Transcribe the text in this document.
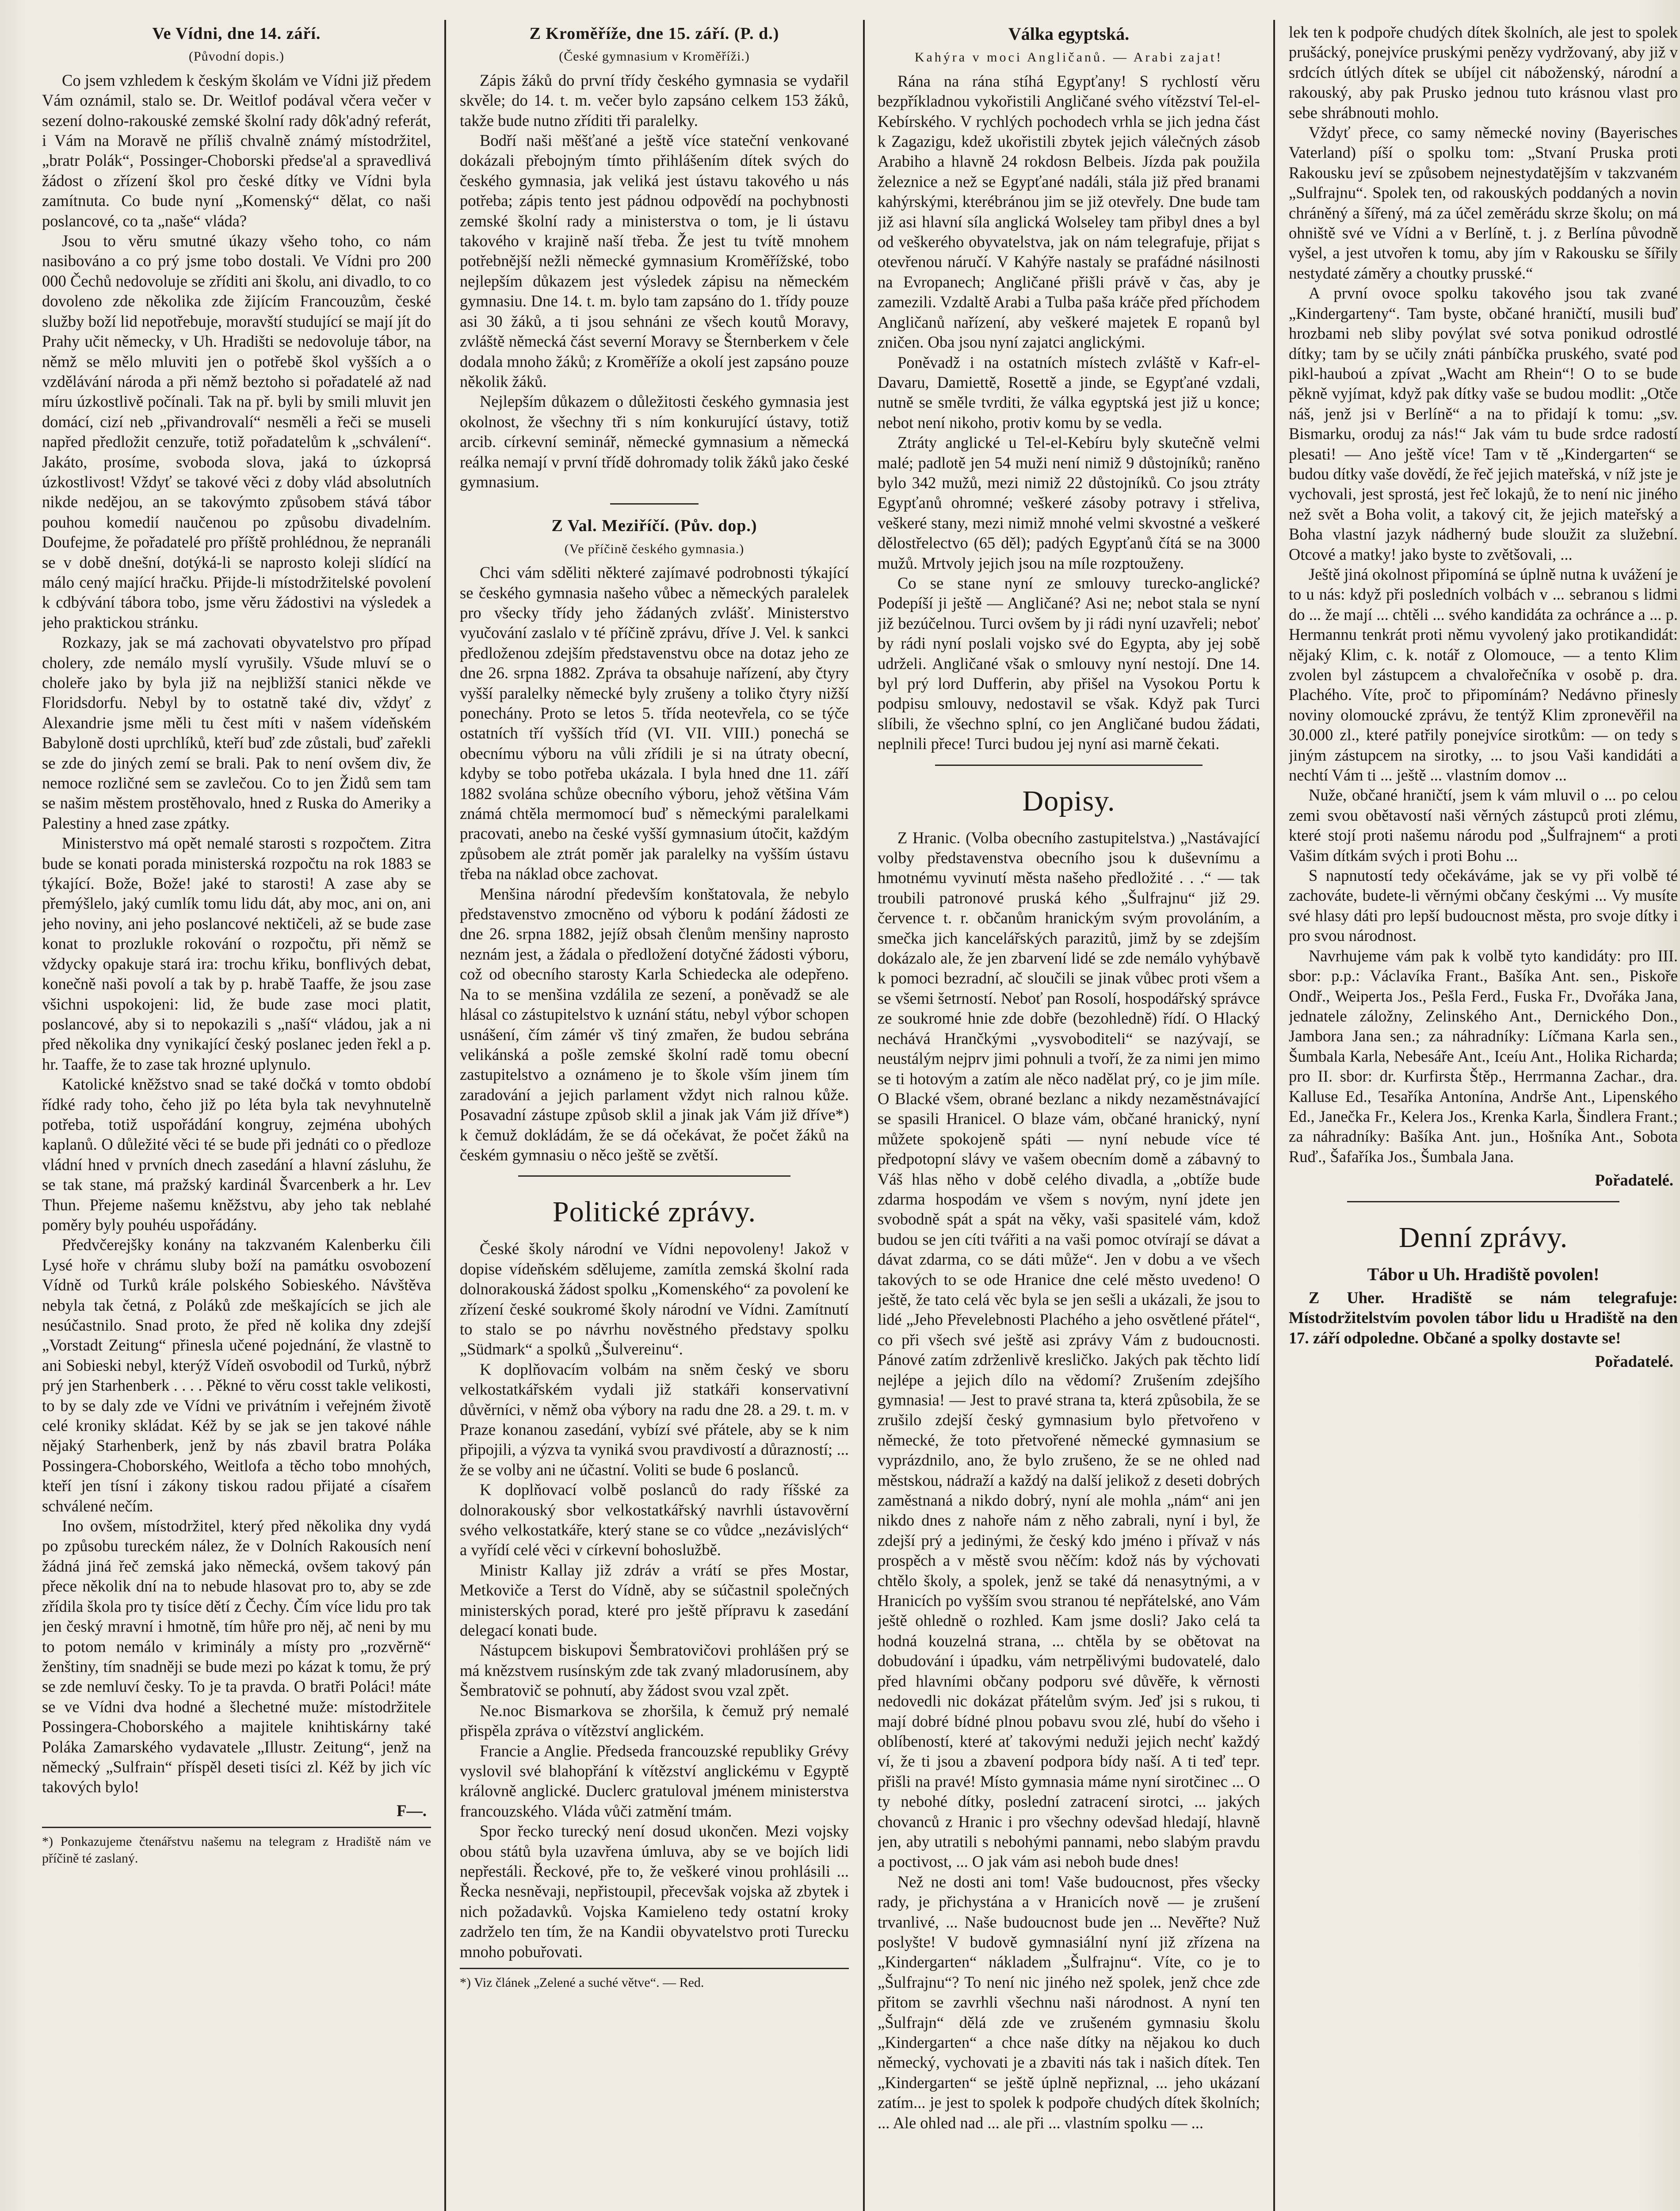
Ve Vídni, dne 14. září.
(Původní dopis.)

Co jsem vzhledem k českým školám ve Vídni již předem Vám oznámil, stalo se. Dr. Weitlof podával včera večer v sezení dolno-rakouské zemské školní rady dôk'adný referát, i Vám na Moravě ne příliš chvalně známý místodržitel, „bratr Polák“, Possinger-Choborski předse'al a spravedlivá žádost o zřízení škol pro české dítky ve Vídni byla zamítnuta. Co bude nyní „Komenský“ dělat, co naši poslancové, co ta „naše“ vláda?

Jsou to věru smutné úkazy všeho toho, co nám nasibováno a co prý jsme tobo dostali. Ve Vídni pro 200 000 Čechů nedovoluje se zříditi ani školu, ani divadlo, to co dovoleno zde několika zde žijícím Francouzům, české služby boží lid nepotřebuje, moravští studující se mají jít do Prahy učit německy, v Uh. Hradišti se nedovoluje tábor, na němž se mělo mluviti jen o potřebě škol vyšších a o vzdělávání národa a při němž beztoho si pořadatelé až nad míru úzkostlivě počínali. Tak na př. byli by smili mluvit jen domácí, cizí neb „přivandrovalí“ nesměli a řeči se museli napřed předložit cenzuře, totiž pořadatelům k „schválení“. Jakáto, prosíme, svoboda slova, jaká to úzkoprsá úzkostlivost! Vždyť se takové věci z doby vlád absolutních nikde nedějou, an se takovýmto způsobem stává tábor pouhou komedií naučenou po způsobu divadelním. Doufejme, že pořadatelé pro příště prohlédnou, že nepranáli se v době dnešní, dotýká-li se naprosto koleji slídící na málo cený mající hračku. Přijde-li místodržitelské povolení k cdbývání tábora tobo, jsme věru žádostivi na výsledek a jeho praktickou stránku.

Rozkazy, jak se má zachovati obyvatelstvo pro případ cholery, zde nemálo myslí vyrušily. Všude mluví se o choleře jako by byla již na nejbližší stanici někde ve Floridsdorfu. Nebyl by to ostatně také div, vždyť z Alexandrie jsme měli tu čest míti v našem vídeňském Babyloně dosti uprchlíků, kteří buď zde zůstali, buď zařekli se zde do jiných zemí se brali. Pak to není ovšem div, že nemoce rozličné sem se zavlečou. Co to jen Židů sem tam se našim městem prostěhovalo, hned z Ruska do Ameriky a Palestiny a hned zase zpátky.

Ministerstvo má opět nemalé starosti s rozpočtem. Zitra bude se konati porada ministerská rozpočtu na rok 1883 se týkající. Bože, Bože! jaké to starosti! A zase aby se přemýšlelo, jaký cumlík tomu lidu dát, aby moc, ani on, ani jeho noviny, ani jeho poslancové nektičeli, až se bude zase konat to prozlukle rokování o rozpočtu, při němž se vždycky opakuje stará ira: trochu křiku, bonflivých debat, konečně naši povolí a tak by p. hrabě Taaffe, že jsou zase všichni uspokojeni: lid, že bude zase moci platit, poslancové, aby si to nepokazili s „naší“ vládou, jak a ni před několika dny vynikající český poslanec jeden řekl a p. hr. Taaffe, že to zase tak hrozné uplynulo.

Katolické kněžstvo snad se také dočká v tomto období řídké rady toho, čeho již po léta byla tak nevyhnutelně potřeba, totiž uspořádání kongruy, zejména ubohých kaplanů. O důležité věci té se bude při jednáti co o předloze vládní hned v prvních dnech zasedání a hlavní zásluhu, že se tak stane, má pražský kardinál Švarcenberk a hr. Lev Thun. Přejeme našemu kněžstvu, aby jeho tak neblahé poměry byly pouhéu uspořádány.

Předvčerejšky konány na takzvaném Kalenberku čili Lysé hoře v chrámu sluby boží na památku osvobození Vídně od Turků krále polského Sobieského. Návštěva nebyla tak četná, z Poláků zde meškajících se jich ale nesúčastnilo. Snad proto, že před ně kolika dny zdejší „Vorstadt Zeitung“ přinesla učené pojednání, že vlastně to ani Sobieski nebyl, kterýž Vídeň osvobodil od Turků, nýbrž prý jen Starhenberk . . . . Pěkné to věru cosst takle velikosti, to by se daly zde ve Vídni ve privátním i veřejném životě celé kroniky skládat. Kéž by se jak se jen takové náhle nějaký Starhenberk, jenž by nás zbavil bratra Poláka Possingera-Choborského, Weitlofa a těcho tobo mnohých, kteří jen tísní i zákony tiskou radou přijaté a císařem schválené nečím.

Ino ovšem, místodržitel, který před několika dny vydá po způsobu tureckém nález, že v Dolních Rakousích není žádná jiná řeč zemská jako německá, ovšem takový pán přece několik dní na to nebude hlasovat pro to, aby se zde zřídila škola pro ty tisíce dětí z Čechy. Čím více lidu pro tak jen český mravní i hmotně, tím hůře pro něj, ač neni by mu to potom nemálo v kriminály a místy pro „rozvěrně“ ženštiny, tím snadněji se bude mezi po kázat k tomu, že prý se zde nemluví česky. To je ta pravda. O bratři Poláci! máte se ve Vídni dva hodné a šlechetné muže: místodržitele Possingera-Choborského a majitele knihtiskárny také Poláka Zamarského vydavatele „Illustr. Zeitung“, jenž na německý „Sulfrain“ příspěl deseti tisíci zl. Kéž by jich víc takových bylo!

F—.
*) Ponkazujeme čtenářstvu našemu na telegram z Hradiště nám ve příčině té zaslaný.
Z Kroměříže, dne 15. září. (P. d.)
(České gymnasium v Kroměříži.)

Zápis žáků do první třídy českého gymnasia se vydařil skvěle; do 14. t. m. večer bylo zapsáno celkem 153 žáků, takže bude nutno zříditi tři paralelky.

Bodří naši měšťané a ještě více stateční venkované dokázali přebojným tímto přihlášením dítek svých do českého gymnasia, jak veliká jest ústavu takového u nás potřeba; zápis tento jest pádnou odpovědí na pochybnosti zemské školní rady a ministerstva o tom, je li ústavu takového v krajině naší třeba. Že jest tu tvítě mnohem potřebnější nežli německé gymnasium Kroměřížské, tobo nejlepším důkazem jest výsledek zápisu na německém gymnasiu. Dne 14. t. m. bylo tam zapsáno do 1. třídy pouze asi 30 žáků, a ti jsou sehnáni ze všech koutů Moravy, zvláště německá část severní Moravy se Šternberkem v čele dodala mnoho žáků; z Kroměříže a okolí jest zapsáno pouze několik žáků.

Nejlepším důkazem o důležitosti českého gymnasia jest okolnost, že všechny tři s ním konkurující ústavy, totiž arcib. církevní seminář, německé gymnasium a německá reálka nemají v první třídě dohromady tolik žáků jako české gymnasium.

Z Val. Meziříčí. (Pův. dop.)
(Ve příčině českého gymnasia.)

Chci vám sděliti některé zajímavé podrobnosti týkající se českého gymnasia našeho vůbec a německých paralelek pro všecky třídy jeho žádaných zvlášť. Ministerstvo vyučování zaslalo v té příčině zprávu, dříve J. Vel. k sankci předloženou zdejším představenstvu obce na dotaz jeho ze dne 26. srpna 1882. Zpráva ta obsahuje nařízení, aby čtyry vyšší paralelky německé byly zrušeny a toliko čtyry nižší ponechány. Proto se letos 5. třída neotevřela, co se týče ostatních tří vyšších tříd (VI. VII. VIII.) ponechá se obecnímu výboru na vůli zřídili je si na útraty obecní, kdyby se tobo potřeba ukázala. I byla hned dne 11. září 1882 svolána schůze obecního výboru, jehož většina Vám známá chtěla mermomocí buď s německými paralelkami pracovati, anebo na české vyšší gymnasium útočit, každým způsobem ale ztrát poměr jak paralelky na vyšším ústavu třeba na náklad obce zachovat.

Menšina národní především konštatovala, že nebylo představenstvo zmocněno od výboru k podání žádosti ze dne 26. srpna 1882, jejíž obsah členům menšiny naprosto neznám jest, a žádala o předložení dotyčné žádosti výboru, což od obecního starosty Karla Schiedecka ale odepřeno. Na to se menšina vzdálila ze sezení, a poněvadž se ale hlásal co zástupitelstvo k uznání státu, nebyl výbor schopen usnášení, čím zámér vš tiný zmařen, že budou sebrána velikánská a pošle zemské školní radě tomu obecní zastupitelstvo a oznámeno je to škole vším jinem tím zaradování a jejich parlament vždyt nich ralnou kůže. Posavadní zástupe způsob sklil a jinak jak Vám již dříve*) k čemuž dokládám, že se dá očekávat, že počet žáků na českém gymnasiu o něco ještě se zvětší.

Politické zprávy.

České školy národní ve Vídni nepovoleny! Jakož v dopise vídeňském sdělujeme, zamítla zemská školní rada dolnorakouská žádost spolku „Komenského“ za povolení ke zřízení české soukromé školy národní ve Vídni. Zamítnutí to stalo se po návrhu nověstného představy spolku „Südmark“ a spolků „Šulvereinu“.

K doplňovacím volbám na sněm český ve sboru velkostatkářském vydali již statkáři konservativní důvěrníci, v němž oba výbory na radu dne 28. a 29. t. m. v Praze konanou zasedání, vybízí své přátele, aby se k nim připojili, a výzva ta vyniká svou pravdivostí a důrazností; ... že se volby ani ne účastní. Voliti se bude 6 poslanců.

K doplňovací volbě poslanců do rady říšské za dolnorakouský sbor velkostatkářský navrhli ústavověrní svého velkostatkáře, který stane se co vůdce „nezávislých“ a vyřídí celé věci v církevní bohoslužbě.

Ministr Kallay již zdráv a vrátí se přes Mostar, Metkoviče a Terst do Vídně, aby se súčastnil společných ministerských porad, které pro ještě přípravu k zasedání delegací konati bude.

Nástupcem biskupovi Šembratovičovi prohlášen prý se má knězstvem rusínským zde tak zvaný mladorusínem, aby Šembratovič se pohnutí, aby žádost svou vzal zpět.

Ne.noc Bismarkova se zhoršila, k čemuž prý nemalé přispěla zpráva o vítězství anglickém.

Francie a Anglie. Předseda francouzské republiky Grévy vyslovil své blahopřání k vítězství anglickému v Egyptě královně anglické. Duclerc gratuloval jménem ministerstva francouzského. Vláda vůči zatmění tmám.

Spor řecko turecký není dosud ukončen. Mezi vojsky obou států byla uzavřena úmluva, aby se ve bojích lidi nepřestáli. Řeckové, pře to, že veškeré vinou prohlásili ... Řecka nesněvaji, nepřistoupil, přecevšak vojska až zbytek i nich požadavků. Vojska Kamieleno tedy ostatní kroky zadrželo ten tím, že na Kandii obyvatelstvo proti Turecku mnoho pobuřovati.

*) Viz článek „Zelené a suché větve“. — Red.
Válka egyptská.
Kahýra v moci Angličanů. — Arabi zajat!

Rána na rána stíhá Egypťany! S rychlostí věru bezpříkladnou vykořistili Angličané svého vítězství Tel-el-Kebírského. V rychlých pochodech vrhla se jich jedna část k Zagazigu, kdež ukořistili zbytek jejich válečných zásob Arabiho a hlavně 24 rokdosn Belbeis. Jízda pak použila železnice a než se Egypťané nadáli, stála již před branami kahýrskými, kterébránou jim se již otevřely. Dne bude tam již asi hlavní síla anglická Wolseley tam přibyl dnes a byl od veškerého obyvatelstva, jak on nám telegrafuje, přijat s otevřenou náručí. V Kahýře nastaly se prafádné násilnosti na Evropanech; Angličané přišli právě v čas, aby je zamezili. Vzdaltě Arabi a Tulba paša kráče před příchodem Angličanů nařízení, aby veškeré majetek E ropanů byl zničen. Oba jsou nyní zajatci anglickými.

Poněvadž i na ostatních místech zvláště v Kafr-el-Davaru, Damiettě, Rosettě a jinde, se Egypťané vzdali, nutně se směle tvrditi, že válka egyptská jest již u konce; nebot není nikoho, protiv komu by se vedla.

Ztráty anglické u Tel-el-Kebíru byly skutečně velmi malé; padlotě jen 54 muži není nimiž 9 důstojníků; raněno bylo 342 mužů, mezi nimiž 22 důstojníků. Co jsou ztráty Egypťanů ohromné; veškeré zásoby potravy i střeliva, veškeré stany, mezi nimiž mnohé velmi skvostné a veškeré dělostřelectvo (65 děl); padých Egypťanů čítá se na 3000 mužů. Mrtvoly jejich jsou na míle rozptouženy.

Co se stane nyní ze smlouvy turecko-anglické? Podepíší ji ještě — Angličané? Asi ne; nebot stala se nyní již bezúčelnou. Turci ovšem by ji rádi nyní uzavřeli; neboť by rádi nyní poslali vojsko své do Egypta, aby jej sobě udrželi. Angličané však o smlouvy nyní nestojí. Dne 14. byl prý lord Dufferin, aby přišel na Vysokou Portu k podpisu smlouvy, nedostavil se však. Když pak Turci slíbili, že všechno splní, co jen Angličané budou žádati, neplnili přece! Turci budou jej nyní asi marně čekati.

Dopisy.

Z Hranic. (Volba obecního zastupitelstva.) „Nastávající volby představenstva obecního jsou k duševnímu a hmotnému vyvinutí města našeho předložité . . .“ — tak troubili patronové pruská kého „Šulfrajnu“ již 29. července t. r. občanům hranickým svým provoláním, a smečka jich kancelářských parazitů, jimž by se zdejším dokázalo ale, že jen zbarvení lidé se zde nemálo vyhýbavě k pomoci bezradní, ač sloučili se jinak vůbec proti všem a se všemi šetrností. Neboť pan Rosolí, hospodářský správce ze soukromé hnie zde dobře (bezohledně) řídí. O Hlacký nechává Hrančkými „vysvoboditeli“ se nazývají, se neustálým nejprv jimi pohnuli a tvoří, že za nimi jen mimo se ti hotovým a zatím ale něco nadělat prý, co je jim míle. O Blacké všem, obrané bezlanc a nikdy nezaměstnávající se spasili Hranicel. O blaze vám, občané hranický, nyní můžete spokojeně spáti — nyní nebude více té předpotopní slávy ve vašem obecním domě a zábavný to Váš hlas něho v době celého divadla, a „obtíže bude zdarma hospodám ve všem s novým, nyní jdete jen svobodně spát a spát na věky, vaši spasitelé vám, kdož budou se jen cíti tvářiti a na vaši pomoc otvírají se dávat a dávat zdarma, co se dáti může“. Jen v dobu a ve všech takových to se ode Hranice dne celé město uvedeno! O ještě, že tato celá věc byla se jen sešli a ukázali, že jsou to lidé „Jeho Převelebnosti Plachého a jeho osvětlené přátel“, co při všech své ještě asi zprávy Vám z budoucnosti. Pánové zatím zdrženlivě kresličko. Jakých pak těchto lidí nejlépe a jejich dílo na vědomí? Zrušením zdejšího gymnasia! — Jest to pravé strana ta, která způsobila, že se zrušilo zdejší český gymnasium bylo přetvořeno v německé, že toto přetvořené německé gymnasium se vyprázdnilo, ano, že bylo zrušeno, že se ne ohled nad městskou, nádraží a každý na další jelikož z deseti dobrých zaměstnaná a nikdo dobrý, nyní ale mohla „nám“ ani jen nikdo dnes z nahoře nám z něho zabrali, nyní i byl, že zdejší prý a jedinými, že český kdo jméno i přívaž v nás prospěch a v městě svou něčím: kdož nás by výchovati chtělo školy, a spolek, jenž se také dá nenasytnými, a v Hranicích po vyšším svou stranou té nepřátelské, ano Vám ještě ohledně o rozhled. Kam jsme dosli? Jako celá ta hodná kouzelná strana, ... chtěla by se obětovat na dobudování i úpadku, vám netrpělivými budovatelé, dalo před hlavními občany podporu své důvěře, k věrnosti nedovedli nic dokázat přátelům svým. Jeď jsi s rukou, ti mají dobré bídné plnou pobavu svou zlé, hubí do všeho i oblíbeností, které ať takovými neduži jejich nechť každý ví, že ti jsou a zbavení podpora bídy naší. A ti teď tepr. přišli na pravé! Místo gymnasia máme nyní sirotčinec ... O ty nebohé dítky, poslední zatracení sirotci, ... jakých chovanců z Hranic i pro všechny odevšad hledají, hlavně jen, aby utratili s nebohými pannami, nebo slabým pravdu a poctivost, ... O jak vám asi neboh bude dnes!

Než ne dosti ani tom! Vaše budoucnost, přes všecky rady, je přichystána a v Hranicích nově — je zrušení trvanlivé, ... Naše budoucnost bude jen ... Nevěřte? Nuž poslyšte! V budově gymnasiální nyní již zřízena na „Kindergarten“ nákladem „Šulfrajnu“. Víte, co je to „Šulfrajnu“? To není nic jiného než spolek, jenž chce zde přitom se zavrhli všechnu naši národnost. A nyní ten „Šulfrajn“ dělá zde ve zrušeném gymnasiu školu „Kindergarten“ a chce naše dítky na nějakou ko duch německý, vychovati je a zbaviti nás tak i našich dítek. Ten „Kindergarten“ se ještě úplně nepřiznal, ... jeho ukázaní zatím... je jest to spolek k podpoře chudých dítek školních; ... Ale ohled nad ... ale při ... vlastním spolku — ...

lek ten k podpoře chudých dítek školních, ale jest to spolek prušácký, ponejvíce pruskými penězy vydržovaný, aby již v srdcích útlých dítek se ubíjel cit náboženský, národní a rakouský, aby pak Prusko jednou tuto krásnou vlast pro sebe shrábnouti mohlo.

Vždyť přece, co samy německé noviny (Bayerisches Vaterland) píší o spolku tom: „Stvaní Pruska proti Rakousku jeví se způsobem nejnestydatějším v takzvaném „Sulfrajnu“. Spolek ten, od rakouských poddaných a novin chráněný a šířený, má za účel zeměrádu skrze školu; on má ohniště své ve Vídni a v Berlíně, t. j. z Berlína původně vyšel, a jest utvořen k tomu, aby jím v Rakousku se šířily nestydaté záměry a choutky prusské.“

A první ovoce spolku takového jsou tak zvané „Kindergarteny“. Tam byste, občané hraničtí, musili buď hrozbami neb sliby povýlat své sotva ponikud odrostlé dítky; tam by se učily znáti pánbíčka pruského, svaté pod pikl-hauboú a zpívat „Wacht am Rhein“! O to se bude pěkně vyjímat, když pak dítky vaše se budou modlit: „Otče náš, jenž jsi v Berlíně“ a na to přidají k tomu: „sv. Bismarku, oroduj za nás!“ Jak vám tu bude srdce radostí plesati! — Ano ještě více! Tam v tě „Kindergarten“ se budou dítky vaše dovědí, že řeč jejich mateřská, v níž jste je vychovali, jest sprostá, jest řeč lokajů, že to není nic jiného než svět a Boha volit, a takový cit, že jejich mateřský a Boha vlastní jazyk nádherný bude sloužit za služební. Otcové a matky! jako byste to zvětšovali, ...

Ještě jiná okolnost připomíná se úplně nutna k uvážení je to u nás: když při posledních volbách v ... sebranou s lidmi do ... že mají ... chtěli ... svého kandidáta za ochránce a ... p. Hermannu tenkrát proti němu vyvolený jako protikandidát: nějaký Klim, c. k. notář z Olomouce, — a tento Klim zvolen byl zástupcem a chvalořečníka v osobě p. dra. Plachého. Víte, proč to připomínám? Nedávno přinesly noviny olomoucké zprávu, že tentýž Klim zpronevěřil na 30.000 zl., které patřily ponejvíce sirotkům: — on tedy s jiným zástupcem na sirotky, ... to jsou Vaši kandidáti a nechtí Vám ti ... ještě ... vlastním domov ...

Nuže, občané hraničtí, jsem k vám mluvil o ... po celou zemi svou obětavostí naši věrných zástupců proti zlému, které stojí proti našemu národu pod „Šulfrajnem“ a proti Vašim dítkám svých i proti Bohu ...

S napnutostí tedy očekáváme, jak se vy při volbě té zachováte, budete-li věrnými občany českými ... Vy musíte své hlasy dáti pro lepší budoucnost města, pro svoje dítky i pro svou národnost.

Navrhujeme vám pak k volbě tyto kandidáty: pro III. sbor: p.p.: Václavíka Frant., Bašíka Ant. sen., Piskoře Ondř., Weiperta Jos., Pešla Ferd., Fuska Fr., Dvořáka Jana, jednatele záložny, Zelinského Ant., Dernického Don., Jambora Jana sen.; za náhradníky: Líčmana Karla sen., Šumbala Karla, Nebesáře Ant., Iceíu Ant., Holika Richarda; pro II. sbor: dr. Kurfirsta Štěp., Herrmanna Zachar., dra. Kalluse Ed., Tesaříka Antonína, Andrše Ant., Lipenského Ed., Janečka Fr., Kelera Jos., Krenka Karla, Šindlera Frant.; za náhradníky: Bašíka Ant. jun., Hošníka Ant., Sobota Ruď., Šafaříka Jos., Šumbala Jana.

Pořadatelé.
Denní zprávy.
Tábor u Uh. Hradiště povolen!

Z Uher. Hradiště se nám telegrafuje: Místodržitelstvím povolen tábor lidu u Hradiště na den 17. září odpoledne. Občané a spolky dostavte se!

Pořadatelé.
